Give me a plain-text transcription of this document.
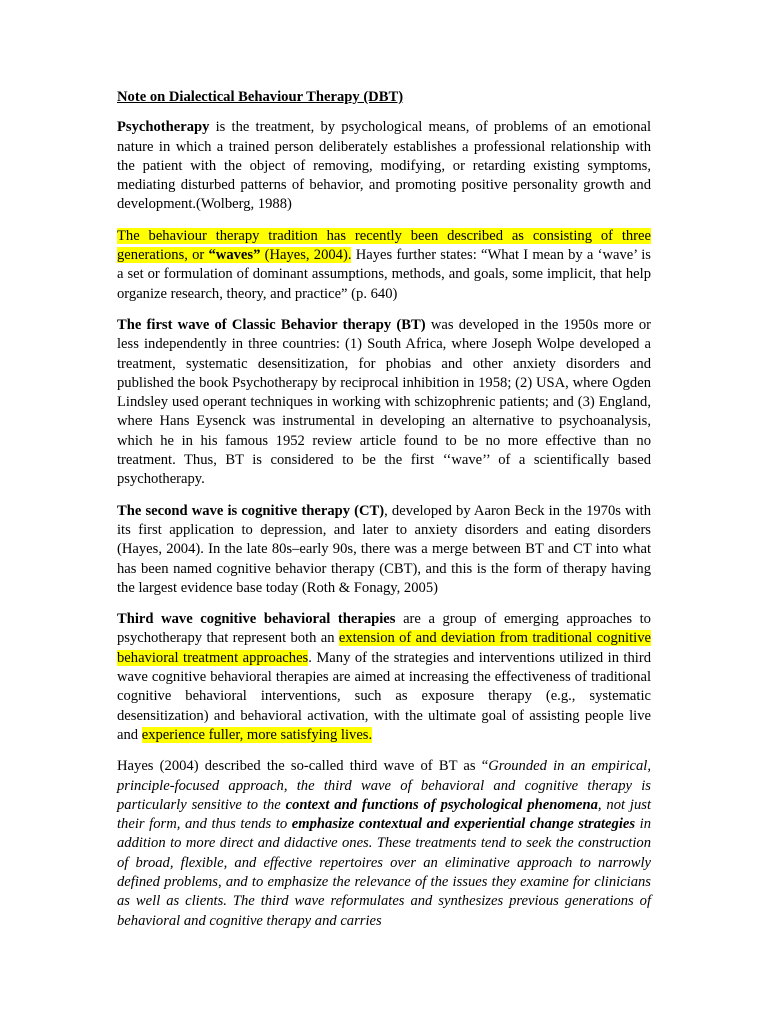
Note on Dialectical Behaviour Therapy (DBT)

Psychotherapy is the treatment, by psychological means, of problems of an emotional nature in which a trained person deliberately establishes a professional relationship with the patient with the object of removing, modifying, or retarding existing symptoms, mediating disturbed patterns of behavior, and promoting positive personality growth and development.(Wolberg, 1988)

The behaviour therapy tradition has recently been described as consisting of three generations, or “waves” (Hayes, 2004). Hayes further states: “What I mean by a ‘wave’ is a set or formulation of dominant assumptions, methods, and goals, some implicit, that help organize research, theory, and practice” (p. 640)

The first wave of Classic Behavior therapy (BT) was developed in the 1950s more or less independently in three countries: (1) South Africa, where Joseph Wolpe developed a treatment, systematic desensitization, for phobias and other anxiety disorders and published the book Psychotherapy by reciprocal inhibition in 1958; (2) USA, where Ogden Lindsley used operant techniques in working with schizophrenic patients; and (3) England, where Hans Eysenck was instrumental in developing an alternative to psychoanalysis, which he in his famous 1952 review article found to be no more effective than no treatment. Thus, BT is considered to be the first ‘‘wave’’ of a scientifically based psychotherapy.

The second wave is cognitive therapy (CT), developed by Aaron Beck in the 1970s with its first application to depression, and later to anxiety disorders and eating disorders (Hayes, 2004). In the late 80s–early 90s, there was a merge between BT and CT into what has been named cognitive behavior therapy (CBT), and this is the form of therapy having the largest evidence base today (Roth & Fonagy, 2005)

Third wave cognitive behavioral therapies are a group of emerging approaches to psychotherapy that represent both an extension of and deviation from traditional cognitive behavioral treatment approaches. Many of the strategies and interventions utilized in third wave cognitive behavioral therapies are aimed at increasing the effectiveness of traditional cognitive behavioral interventions, such as exposure therapy (e.g., systematic desensitization) and behavioral activation, with the ultimate goal of assisting people live and experience fuller, more satisfying lives.

Hayes (2004) described the so-called third wave of BT as “Grounded in an empirical, principle-focused approach, the third wave of behavioral and cognitive therapy is particularly sensitive to the context and functions of psychological phenomena, not just their form, and thus tends to emphasize contextual and experiential change strategies in addition to more direct and didactive ones. These treatments tend to seek the construction of broad, flexible, and effective repertoires over an eliminative approach to narrowly defined problems, and to emphasize the relevance of the issues they examine for clinicians as well as clients. The third wave reformulates and synthesizes previous generations of behavioral and cognitive therapy and carries
